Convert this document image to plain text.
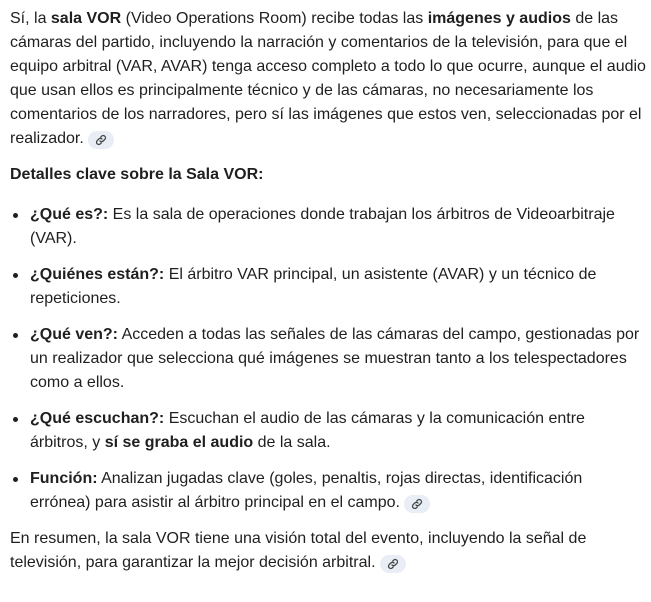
Sí, la sala VOR (Video Operations Room) recibe todas las imágenes y audios de las cámaras del partido, incluyendo la narración y comentarios de la televisión, para que el equipo arbitral (VAR, AVAR) tenga acceso completo a todo lo que ocurre, aunque el audio que usan ellos es principalmente técnico y de las cámaras, no necesariamente los comentarios de los narradores, pero sí las imágenes que estos ven, seleccionadas por el realizador.

Detalles clave sobre la Sala VOR:

¿Qué es?: Es la sala de operaciones donde trabajan los árbitros de Videoarbitraje (VAR).
¿Quiénes están?: El árbitro VAR principal, un asistente (AVAR) y un técnico de repeticiones.
¿Qué ven?: Acceden a todas las señales de las cámaras del campo, gestionadas por un realizador que selecciona qué imágenes se muestran tanto a los telespectadores como a ellos.
¿Qué escuchan?: Escuchan el audio de las cámaras y la comunicación entre árbitros, y sí se graba el audio de la sala.
Función: Analizan jugadas clave (goles, penaltis, rojas directas, identificación errónea) para asistir al árbitro principal en el campo.

En resumen, la sala VOR tiene una visión total del evento, incluyendo la señal de televisión, para garantizar la mejor decisión arbitral.
